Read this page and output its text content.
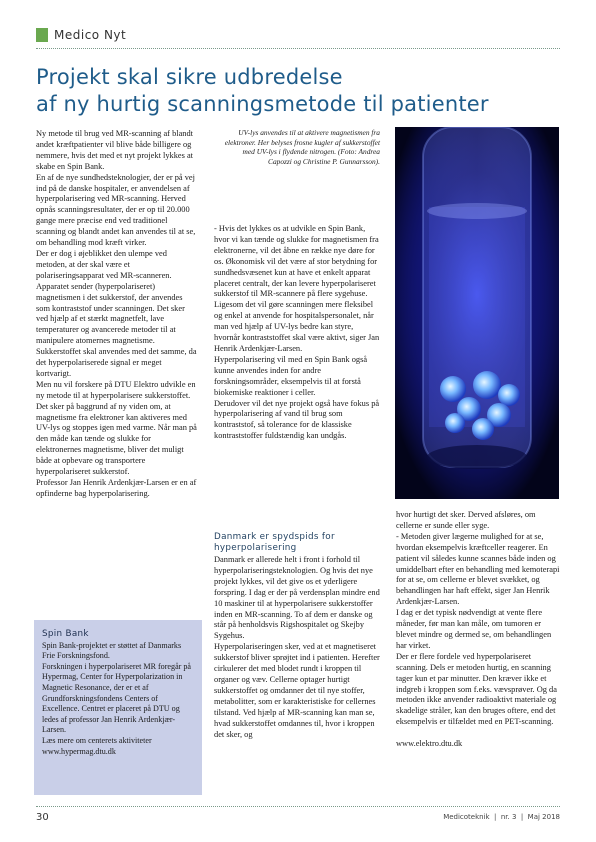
Medico Nyt
Projekt skal sikre udbredelse
af ny hurtig scanningsmetode til patienter

Ny metode til brug ved MR-scanning af blandt andet kræftpatienter vil blive både billigere og nemmere, hvis det med et nyt projekt lykkes at skabe en Spin Bank.

En af de nye sundhedsteknologier, der er på vej ind på de danske hospitaler, er anvendelsen af hyperpolarisering ved MR-scanning. Herved opnås scanningsresultater, der er op til 20.000 gange mere præcise end ved traditionel scanning og blandt andet kan anvendes til at se, om behandling mod kræft virker.

Der er dog i øjeblikket den ulempe ved metoden, at der skal være et polariseringsapparat ved MR-scanneren. Apparatet sender (hyperpolariseret) magnetismen i det sukkerstof, der anvendes som kontraststof under scanningen. Det sker ved hjælp af et stærkt magnetfelt, lave temperaturer og avancerede metoder til at manipulere atomernes magnetisme. Sukkerstoffet skal anvendes med det samme, da det hyperpolariserede signal er meget kortvarigt.

Men nu vil forskere på DTU Elektro udvikle en ny metode til at hyperpolarisere sukkerstoffet. Det sker på baggrund af ny viden om, at magnetisme fra elektroner kan aktiveres med UV-lys og stoppes igen med varme. Når man på den måde kan tænde og slukke for elektronernes magnetisme, bliver det muligt både at opbevare og transportere hyperpolariseret sukkerstof.

Professor Jan Henrik Ardenkjær-Larsen er en af opfinderne bag hyperpolarisering.

UV-lys anvendes til at aktivere magnetismen fra elektroner. Her belyses frosne kugler af sukkerstoffet med UV-lys i flydende nitrogen. (Foto: Andrea Capozzi og Christine P. Gunnarsson).

- Hvis det lykkes os at udvikle en Spin Bank, hvor vi kan tænde og slukke for magnetismen fra elektronerne, vil det åbne en række nye døre for os. Økonomisk vil det være af stor betydning for sundhedsvæsenet kun at have et enkelt apparat placeret centralt, der kan levere hyperpolariseret sukkerstof til MR-scannere på flere sygehuse. Ligesom det vil gøre scanningen mere fleksibel og enkel at anvende for hospitalspersonalet, når man ved hjælp af UV-lys bedre kan styre, hvornår kontraststoffet skal være aktivt, siger Jan Henrik Ardenkjær-Larsen.

Hyperpolarisering vil med en Spin Bank også kunne anvendes inden for andre forskningsområder, eksempelvis til at forstå biokemiske reaktioner i celler.

Derudover vil det nye projekt også have fokus på hyperpolarisering af vand til brug som kontraststof, så tolerance for de klassiske kontraststoffer fuldstændig kan undgås.

Danmark er spydspids for hyperpolarisering

Danmark er allerede helt i front i forhold til hyperpolariseringsteknologien. Og hvis det nye projekt lykkes, vil det give os et yderligere forspring. I dag er der på verdensplan mindre end 10 maskiner til at hyperpolarisere sukkerstoffer inden en MR-scanning. To af dem er danske og står på henholdsvis Rigshospitalet og Skejby Sygehus.

Hyperpolariseringen sker, ved at et magnetiseret sukkerstof bliver sprøjtet ind i patienten. Herefter cirkulerer det med blodet rundt i kroppen til organer og væv. Cellerne optager hurtigt sukkerstoffet og omdanner det til nye stoffer, metabolitter, som er karakteristiske for cellernes tilstand. Ved hjælp af MR-scanning kan man se, hvad sukkerstoffet omdannes til, hvor i kroppen det sker, og

hvor hurtigt det sker. Derved afsløres, om cellerne er sunde eller syge.

- Metoden giver lægerne mulighed for at se, hvordan eksempelvis kræftceller reagerer. En patient vil således kunne scannes både inden og umiddelbart efter en behandling med kemoterapi for at se, om cellerne er blevet svækket, og behandlingen har haft effekt, siger Jan Henrik Ardenkjær-Larsen.

I dag er det typisk nødvendigt at vente flere måneder, før man kan måle, om tumoren er blevet mindre og dermed se, om behandlingen har virket.

Der er flere fordele ved hyperpolariseret scanning. Dels er metoden hurtig, en scanning tager kun et par minutter. Den kræver ikke et indgreb i kroppen som f.eks. vævsprøver. Og da metoden ikke anvender radioaktivt materiale og skadelige stråler, kan den bruges oftere, end det eksempelvis er tilfældet med en PET-scanning.

www.elektro.dtu.dk

Spin Bank

Spin Bank-projektet er støttet af Danmarks Frie Forskningsfond.

Forskningen i hyperpolariseret MR foregår på Hypermag, Center for Hyperpolarization in Magnetic Resonance, der er et af Grundforskningsfondens Centers of Excellence. Centret er placeret på DTU og ledes af professor Jan Henrik Ardenkjær-Larsen.

Læs mere om centerets aktiviteter

www.hypermag.dtu.dk

30	Medicoteknik  |  nr. 3  |  Maj 2018
